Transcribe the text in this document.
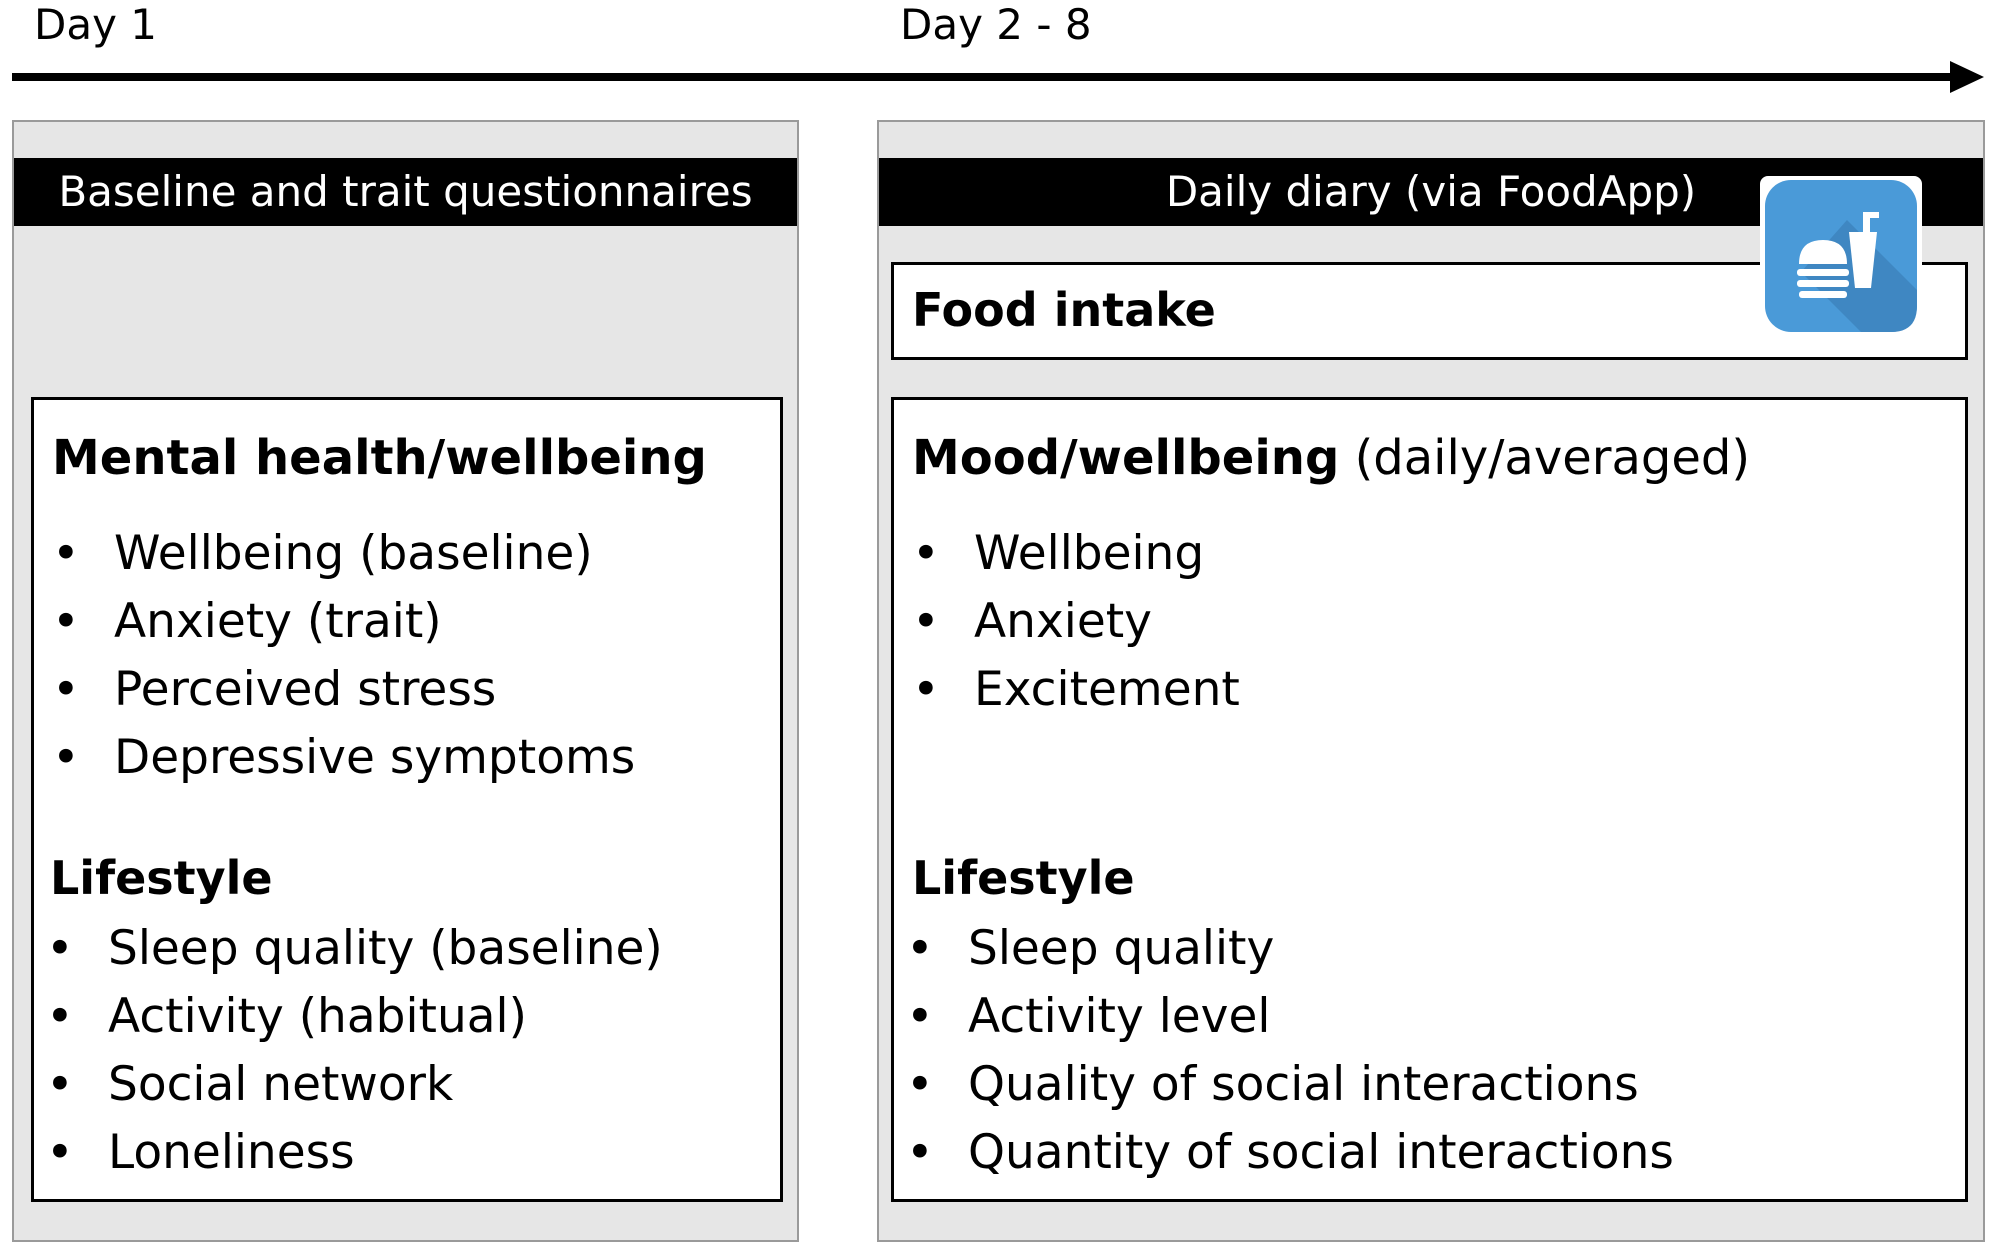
Day 1	Day 2 - 8
Baseline and trait questionnaires
Mental health/wellbeing
• Wellbeing (baseline)
• Anxiety (trait)
• Perceived stress
• Depressive symptoms
Lifestyle
• Sleep quality (baseline)
• Activity (habitual)
• Social network
• Loneliness
Daily diary (via FoodApp)
Food intake
Mood/wellbeing (daily/averaged)
• Wellbeing
• Anxiety
• Excitement
Lifestyle
• Sleep quality
• Activity level
• Quality of social interactions
• Quantity of social interactions
